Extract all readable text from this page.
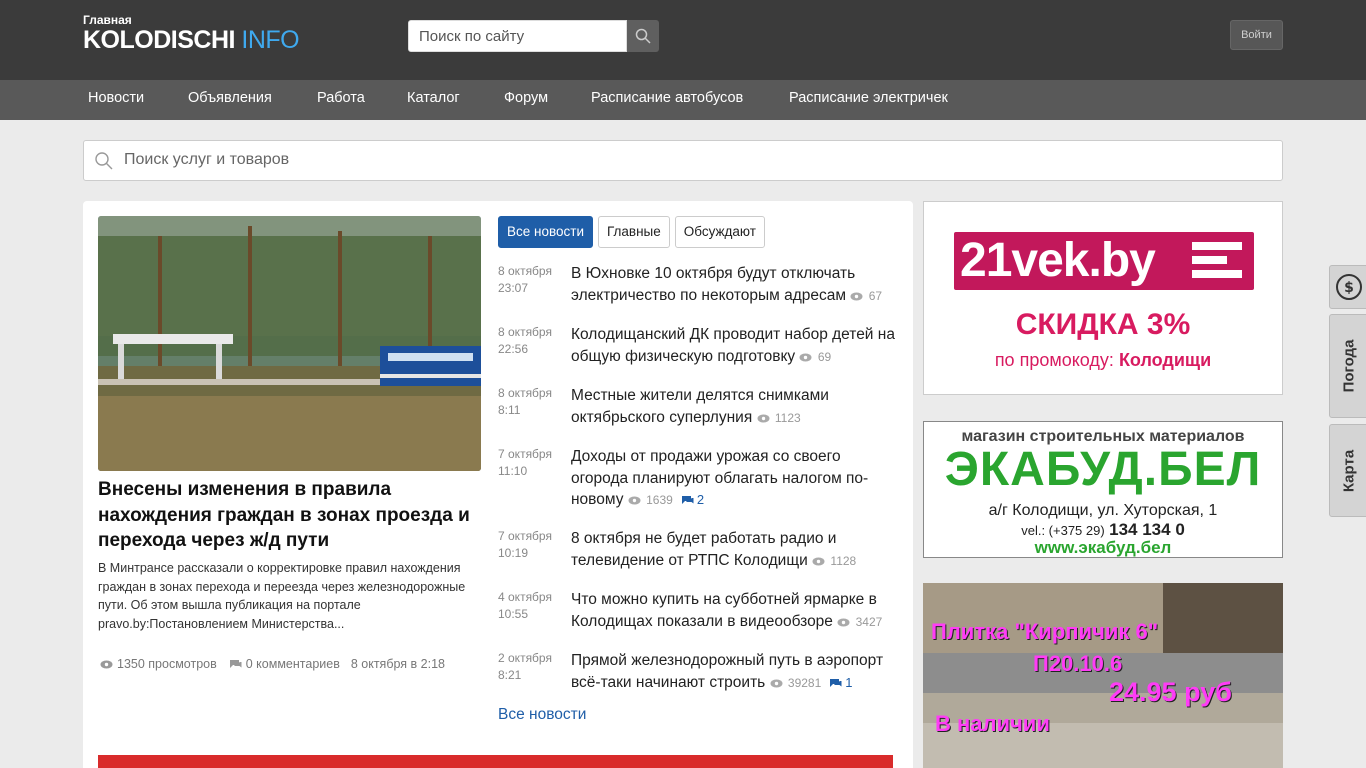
Главная
KOLODISCHI INFO
Поиск по сайту	Войти
Новости	Объявления	Работа	Каталог	Форум	Расписание автобусов	Расписание электричек
Поиск услуг и товаров
Внесены изменения в правила нахождения граждан в зонах проезда и перехода через ж/д пути
В Минтрансе рассказали о корректировке правил нахождения граждан в зонах перехода и переезда через железнодорожные пути. Об этом вышла публикация на портале pravo.by:Постановлением Министерства...
1350 просмотров 0 комментариев 8 октября в 2:18
Все новости	Главные	Обсуждают
8 октября
23:07
В Юхновке 10 октября будут отключать электричество по некоторым адресам 67
8 октября
22:56
Колодищанский ДК проводит набор детей на общую физическую подготовку 69
8 октября
8:11
Местные жители делятся снимками октябрьского суперлуния 1123
7 октября
11:10
Доходы от продажи урожая со своего огорода планируют облагать налогом по-новому 1639 2
7 октября
10:19
8 октября не будет работать радио и телевидение от РТПС Колодищи 1128
4 октября
10:55
Что можно купить на субботней ярмарке в Колодищах показали в видеообзоре 3427
2 октября
8:21
Прямой железнодорожный путь в аэропорт всё-таки начинают строить 39281 1
Все новости
21vek.by
СКИДКА 3%
по промокоду: Колодищи
магазин строительных материалов
ЭКАБУД.БЕЛ
а/г Колодищи, ул. Хуторская, 1
vel.: (+375 29) 134 134 0
www.экабуд.бел
Плитка "Кирпичик 6"
П20.10.6
24.95 руб
В наличии
$
Погода
Карта
